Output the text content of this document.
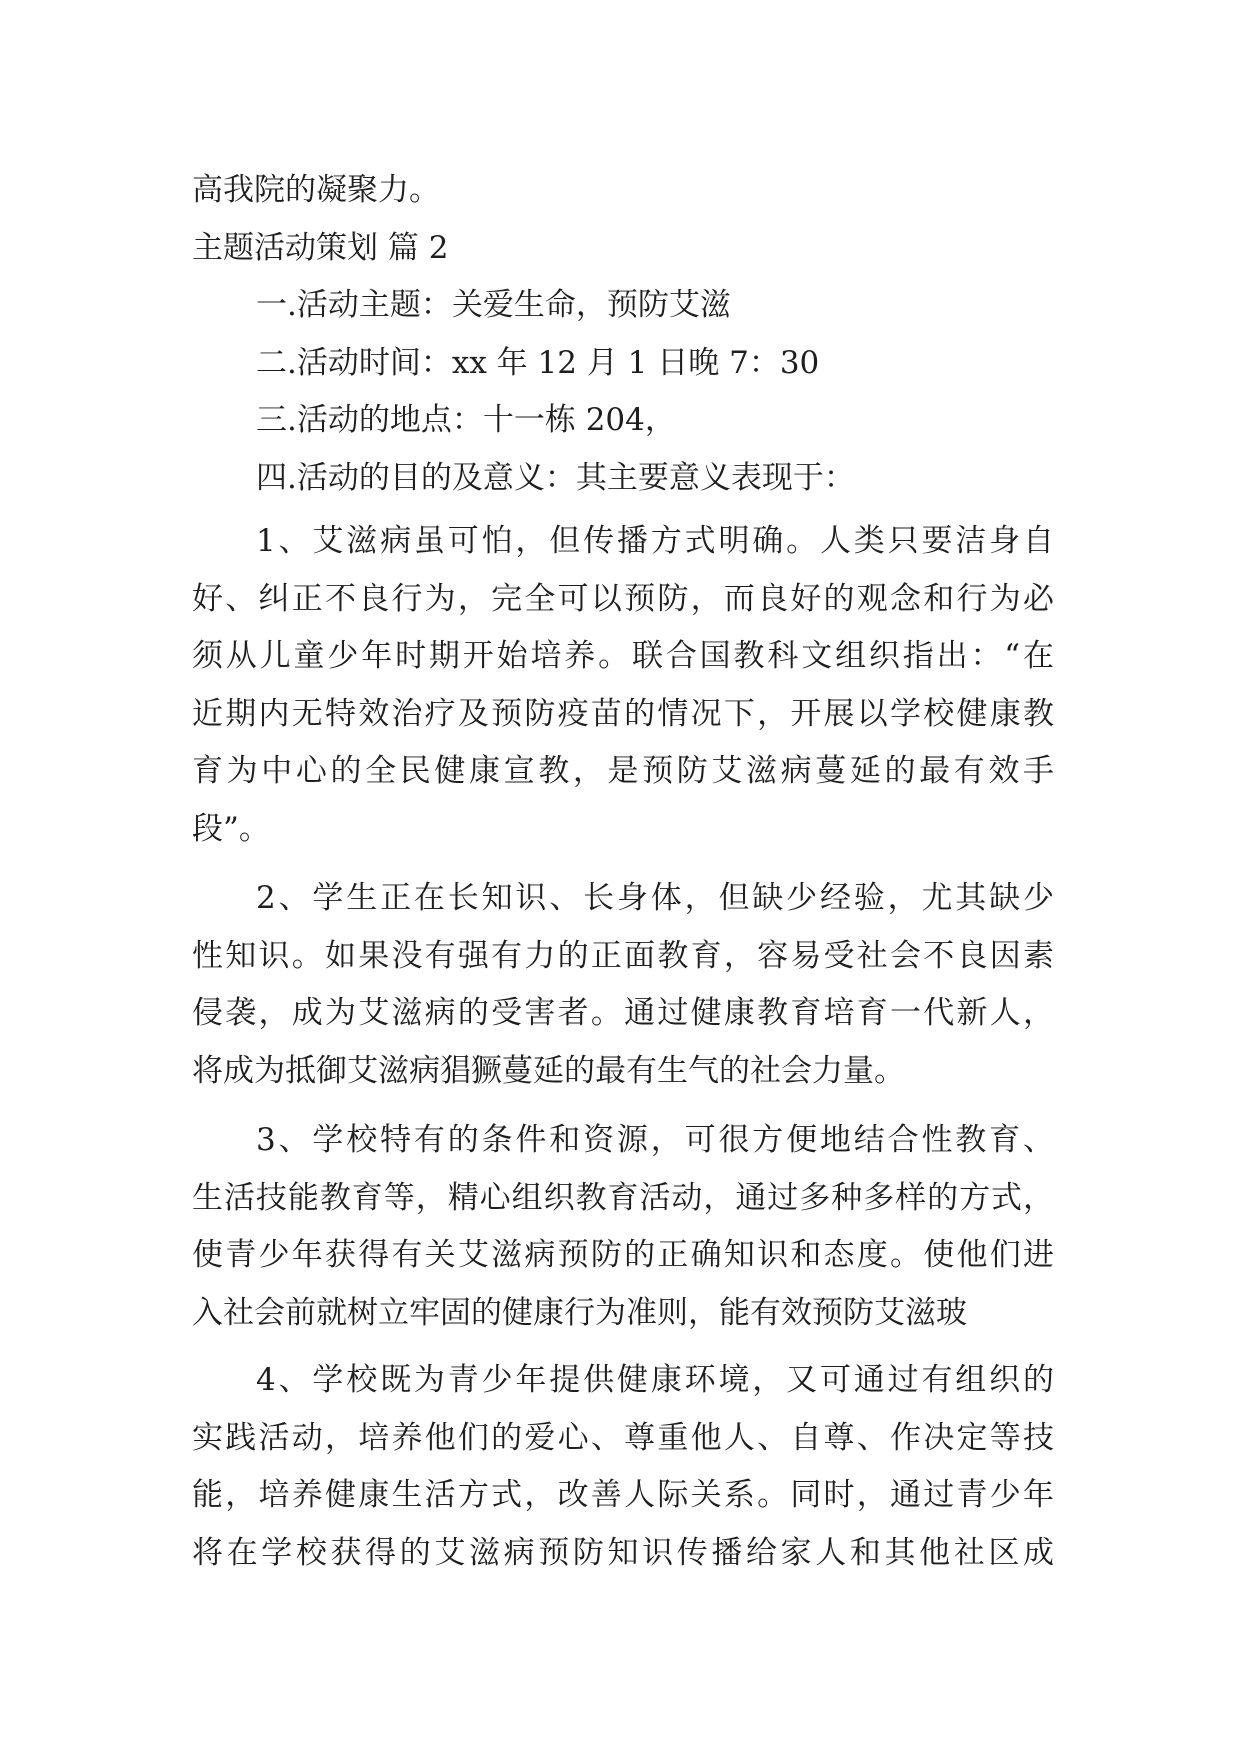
高我院的凝聚力。
主题活动策划 篇 2
一.活动主题：关爱生命，预防艾滋
二.活动时间：xx 年 12 月 1 日晚 7：30
三.活动的地点：十一栋 204，
四.活动的目的及意义：其主要意义表现于：
1、艾滋病虽可怕，但传播方式明确。人类只要洁身自
好、纠正不良行为，完全可以预防，而良好的观念和行为必
须从儿童少年时期开始培养。联合国教科文组织指出：“在
近期内无特效治疗及预防疫苗的情况下，开展以学校健康教
育为中心的全民健康宣教，是预防艾滋病蔓延的最有效手
段”。
2、学生正在长知识、长身体，但缺少经验，尤其缺少
性知识。如果没有强有力的正面教育，容易受社会不良因素
侵袭，成为艾滋病的受害者。通过健康教育培育一代新人，
将成为抵御艾滋病猖獗蔓延的最有生气的社会力量。
3、学校特有的条件和资源，可很方便地结合性教育、
生活技能教育等，精心组织教育活动，通过多种多样的方式，
使青少年获得有关艾滋病预防的正确知识和态度。使他们进
入社会前就树立牢固的健康行为准则，能有效预防艾滋玻
4、学校既为青少年提供健康环境，又可通过有组织的
实践活动，培养他们的爱心、尊重他人、自尊、作决定等技
能，培养健康生活方式，改善人际关系。同时，通过青少年
将在学校获得的艾滋病预防知识传播给家人和其他社区成
